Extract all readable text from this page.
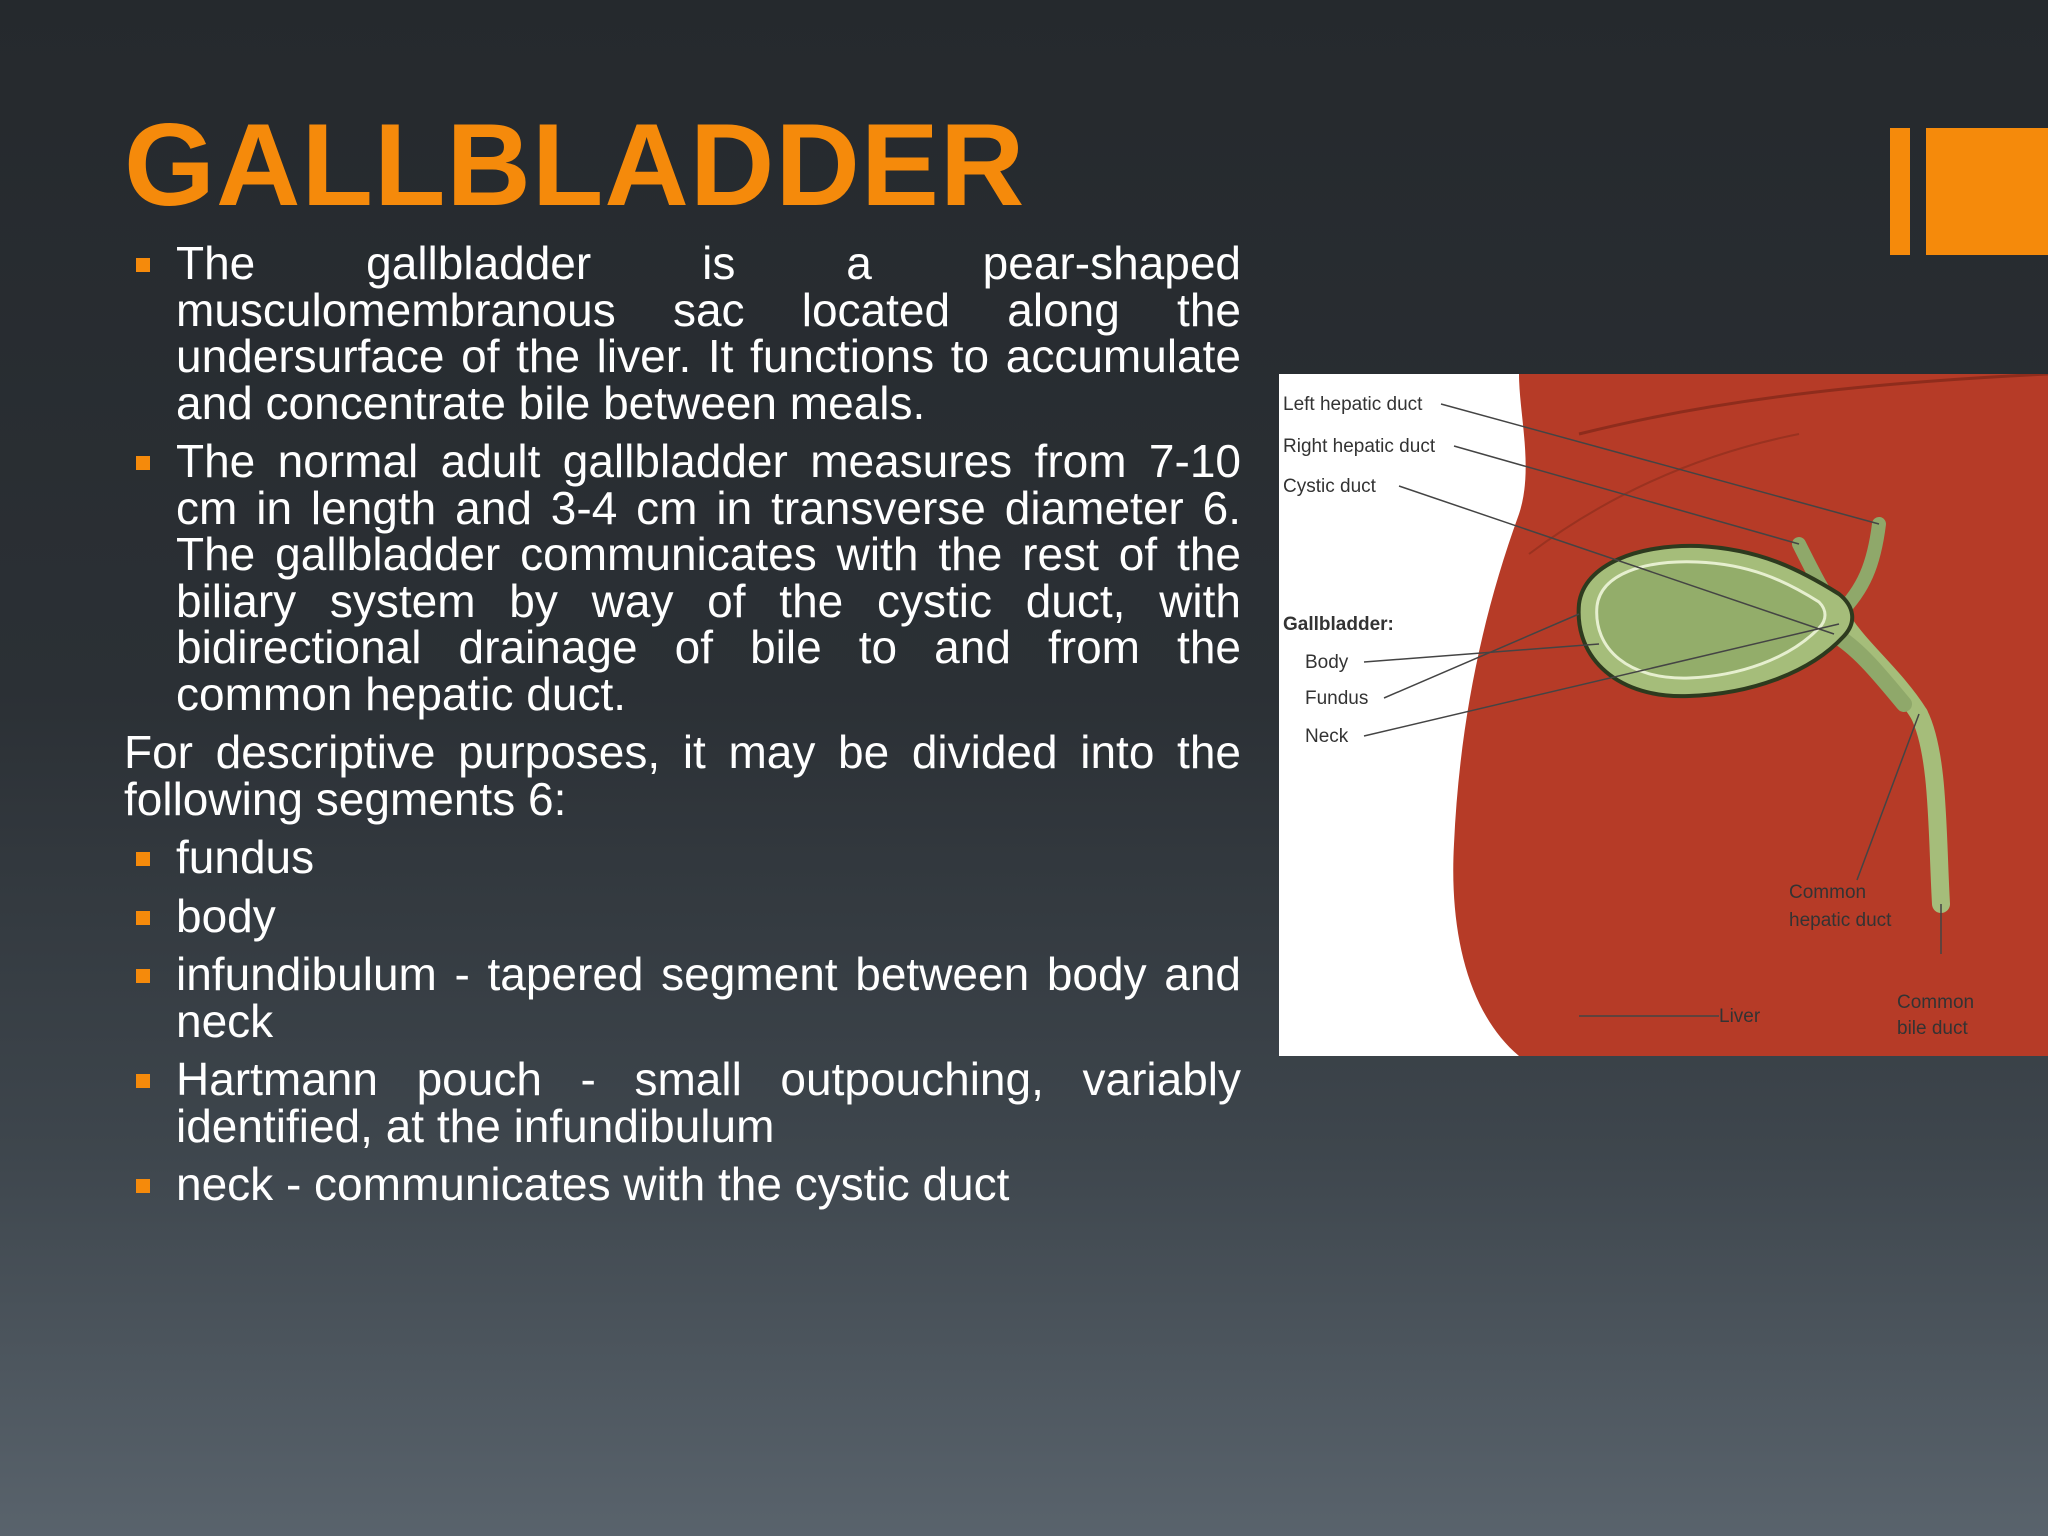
GALLBLADDER
The gallbladder is a pear-shaped musculomembranous sac located along the undersurface of the liver. It functions to accumulate and concentrate bile between meals.
The normal adult gallbladder measures from 7-10 cm in length and 3-4 cm in transverse diameter 6. The gallbladder communicates with the rest of the biliary system by way of the cystic duct, with bidirectional drainage of bile to and from the common hepatic duct.
For descriptive purposes, it may be divided into the following segments 6:
fundus
body
infundibulum - tapered segment between body and neck
Hartmann pouch - small outpouching, variably identified, at the infundibulum
neck - communicates with the cystic duct
Left hepatic duct
Right hepatic duct
Cystic duct
Gallbladder:
Body
Fundus
Neck
Common
hepatic duct
Liver
Common
bile duct
